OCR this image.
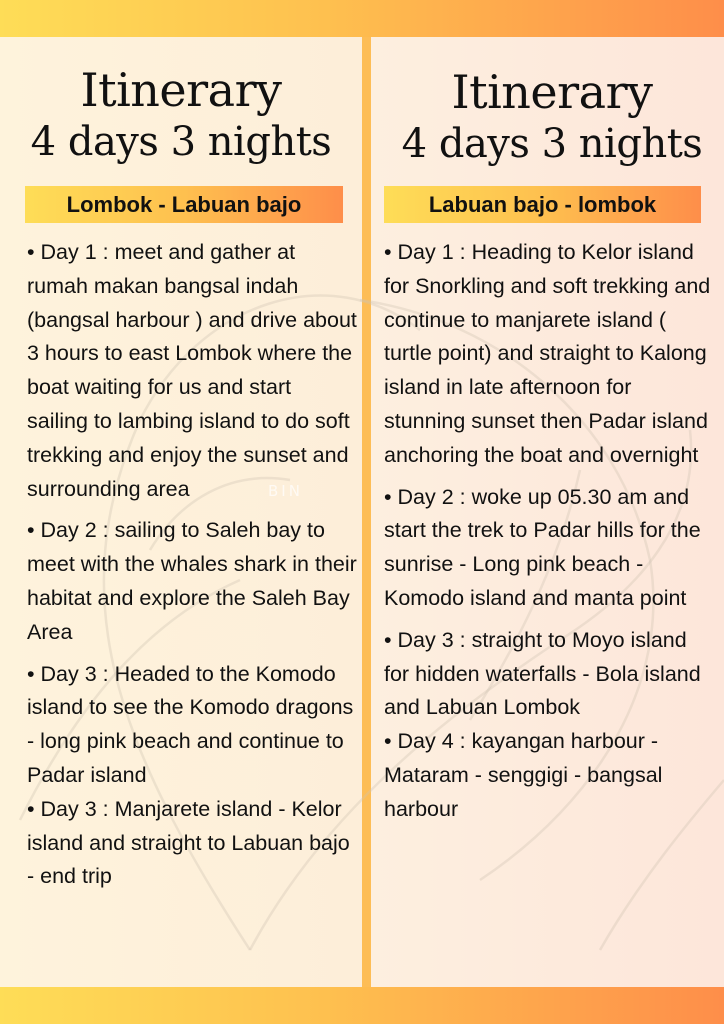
BIN
Itinerary
4 days 3 nights
Lombok - Labuan bajo
• Day 1 : meet and gather at rumah makan bangsal indah (bangsal harbour ) and drive about 3 hours to east Lombok where the boat waiting for us and start sailing to lambing island to do soft trekking and enjoy the sunset and surrounding area
• Day 2 : sailing to Saleh bay to meet with the whales shark in their habitat and explore the Saleh Bay Area
• Day 3 : Headed to the Komodo island to see the Komodo dragons - long pink beach and continue to Padar island
• Day 3 : Manjarete island - Kelor island and straight to Labuan bajo - end trip
Itinerary
4 days 3 nights
Labuan bajo - lombok
• Day 1 : Heading to Kelor island for Snorkling and soft trekking and continue to manjarete island ( turtle point) and straight to Kalong island in late afternoon for stunning sunset then Padar island anchoring the boat and overnight
• Day 2 : woke up 05.30 am and start the trek to Padar hills for the sunrise - Long pink beach - Komodo island and manta point
• Day 3 : straight to Moyo island for hidden waterfalls - Bola island and Labuan Lombok
• Day 4 : kayangan harbour - Mataram - senggigi - bangsal harbour
